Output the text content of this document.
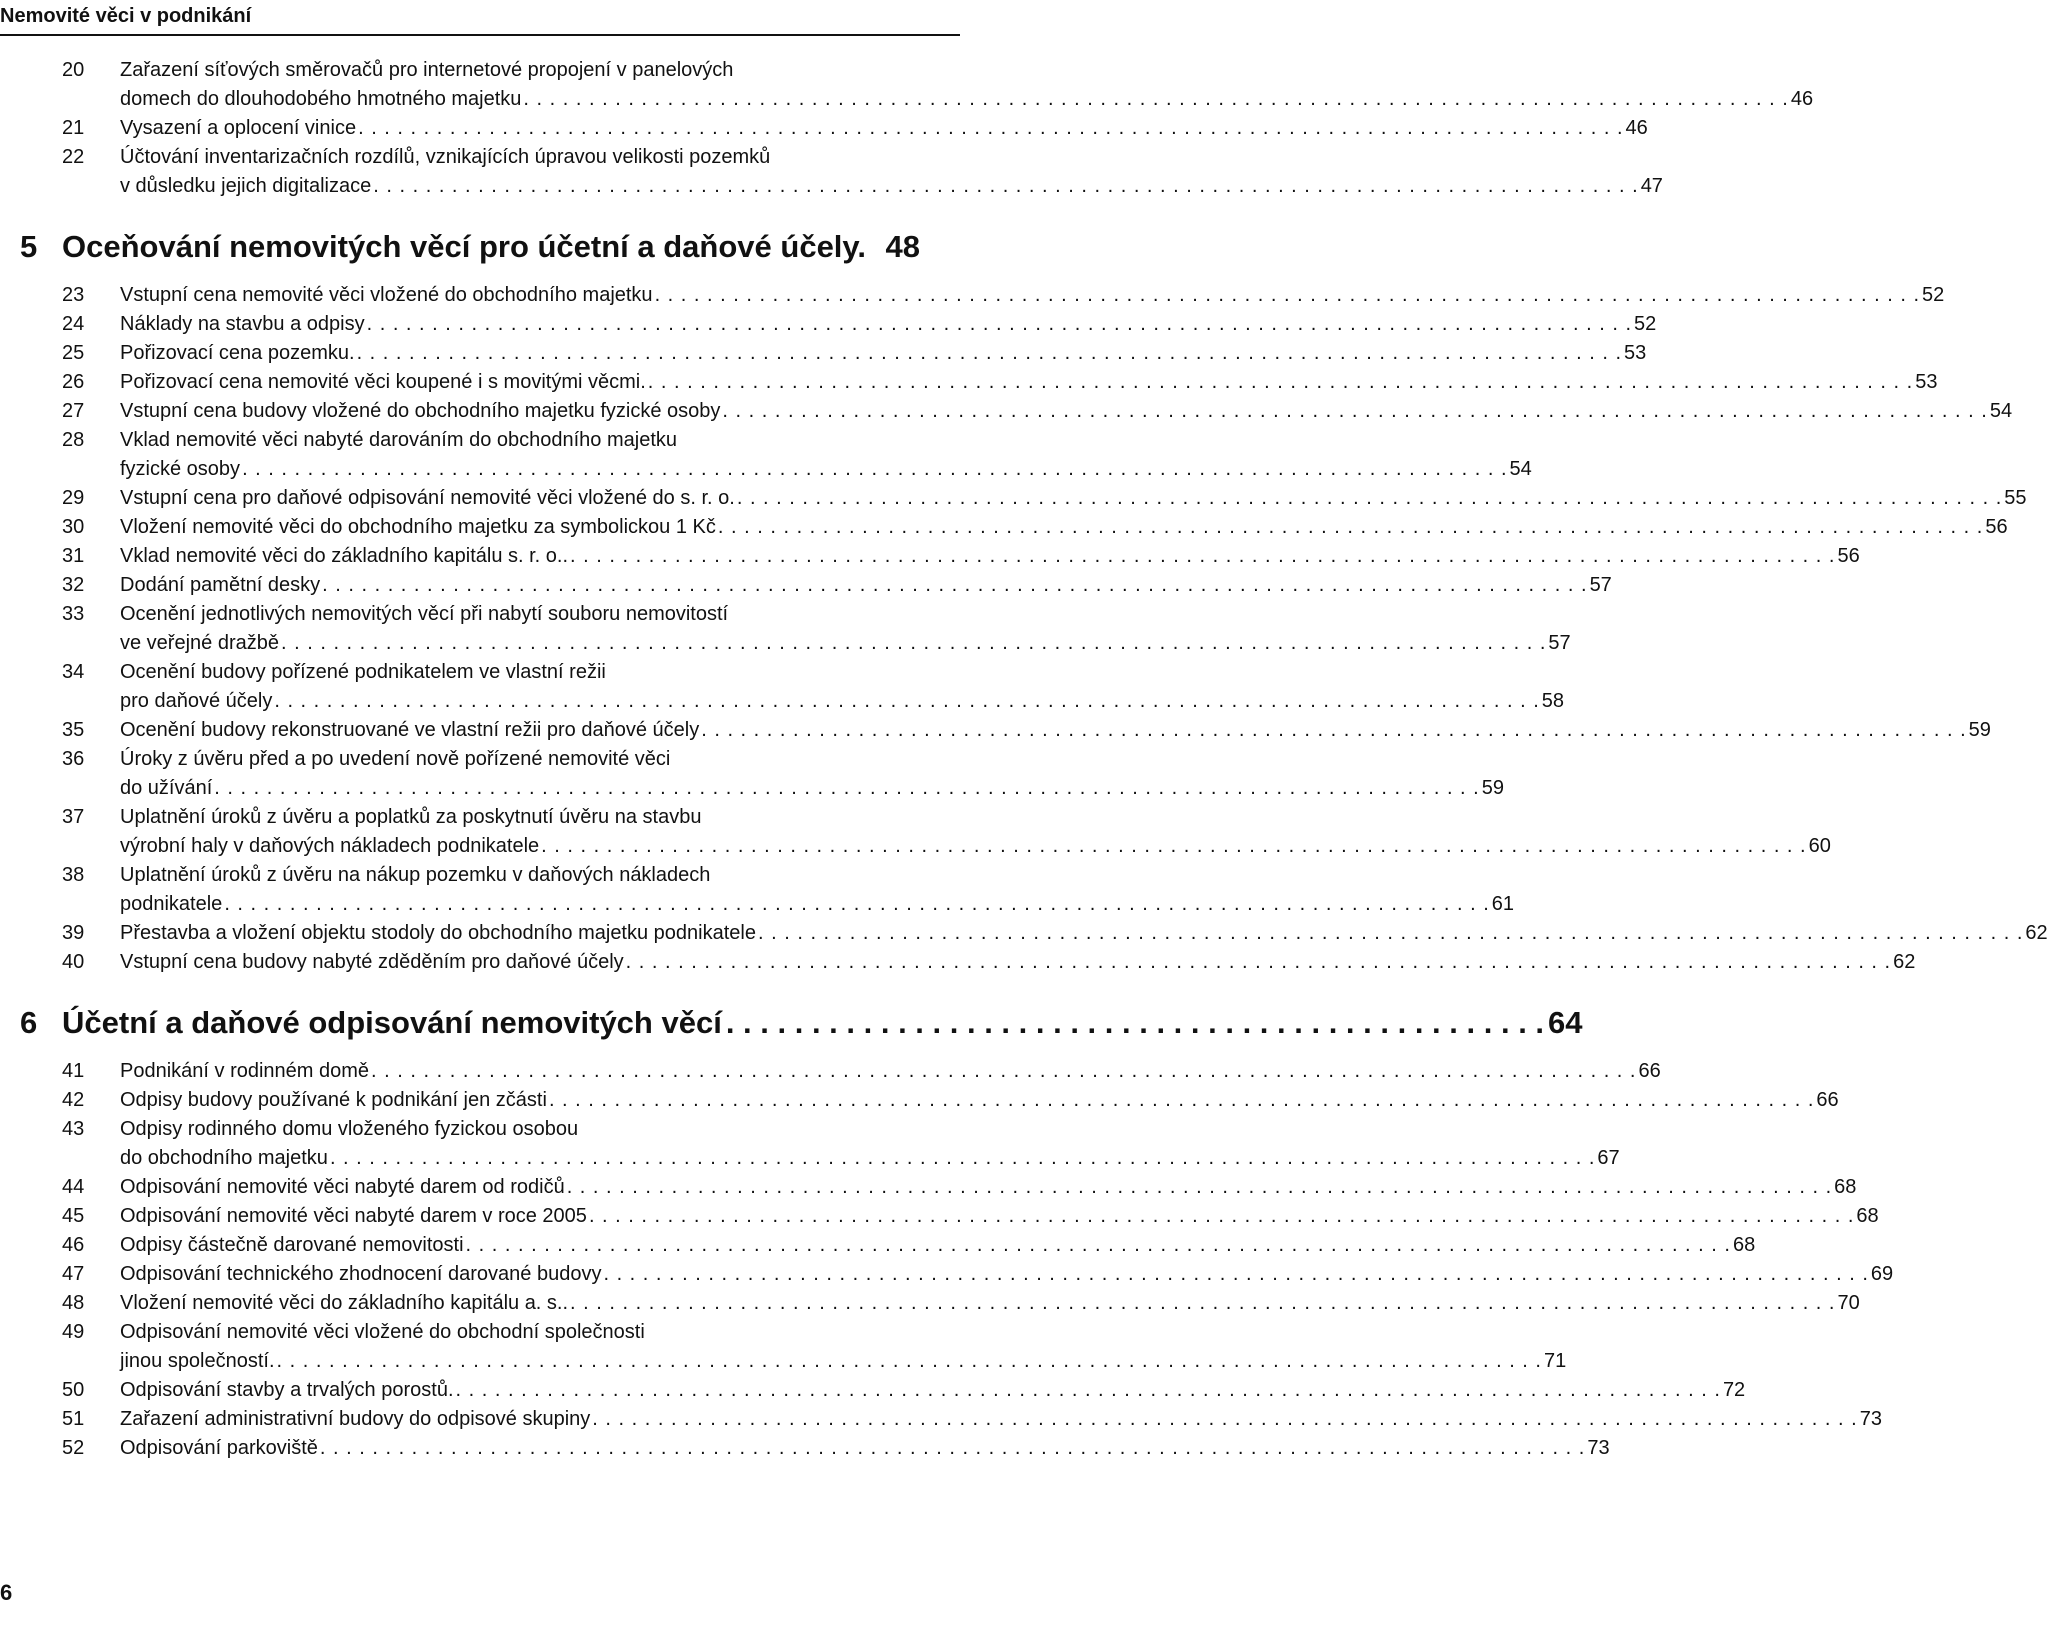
Nemovité věci v podnikání
20 Zařazení síťových směrovačů pro internetové propojení v panelových
domech do dlouhodobého hmotného majetku . . .	46
21 Vysazení a oplocení vinice . . .	46
22 Účtování inventarizačních rozdílů, vznikajících úpravou velikosti pozemků
v důsledku jejich digitalizace . . .	47
5 Oceňování nemovitých věcí pro účetní a daňové účely. 48
23 Vstupní cena nemovité věci vložené do obchodního majetku . . .	52
24 Náklady na stavbu a odpisy . . .	52
25 Pořizovací cena pozemku. . . .	53
26 Pořizovací cena nemovité věci koupené i s movitými věcmi. . . .	53
27 Vstupní cena budovy vložené do obchodního majetku fyzické osoby . . .	54
28 Vklad nemovité věci nabyté darováním do obchodního majetku
fyzické osoby . . .	54
29 Vstupní cena pro daňové odpisování nemovité věci vložené do s. r. o. . . .	55
30 Vložení nemovité věci do obchodního majetku za symbolickou 1 Kč . . .	56
31 Vklad nemovité věci do základního kapitálu s. r. o.. . . .	56
32 Dodání pamětní desky . . .	57
33 Ocenění jednotlivých nemovitých věcí při nabytí souboru nemovitostí
ve veřejné dražbě . . .	57
34 Ocenění budovy pořízené podnikatelem ve vlastní režii
pro daňové účely . . .	58
35 Ocenění budovy rekonstruované ve vlastní režii pro daňové účely . . .	59
36 Úroky z úvěru před a po uvedení nově pořízené nemovité věci
do užívání . . .	59
37 Uplatnění úroků z úvěru a poplatků za poskytnutí úvěru na stavbu
výrobní haly v daňových nákladech podnikatele . . .	60
38 Uplatnění úroků z úvěru na nákup pozemku v daňových nákladech
podnikatele . . .	61
39 Přestavba a vložení objektu stodoly do obchodního majetku podnikatele . . .	62
40 Vstupní cena budovy nabyté zděděním pro daňové účely . . .	62
6 Účetní a daňové odpisování nemovitých věcí . . .	64
41 Podnikání v rodinném domě . . .	66
42 Odpisy budovy používané k podnikání jen zčásti . . .	66
43 Odpisy rodinného domu vloženého fyzickou osobou
do obchodního majetku . . .	67
44 Odpisování nemovité věci nabyté darem od rodičů . . .	68
45 Odpisování nemovité věci nabyté darem v roce 2005 . . .	68
46 Odpisy částečně darované nemovitosti . . .	68
47 Odpisování technického zhodnocení darované budovy . . .	69
48 Vložení nemovité věci do základního kapitálu a. s.. . . .	70
49 Odpisování nemovité věci vložené do obchodní společnosti
jinou společností. . . .	71
50 Odpisování stavby a trvalých porostů. . . .	72
51 Zařazení administrativní budovy do odpisové skupiny . . .	73
52 Odpisování parkoviště . . .	73
6
